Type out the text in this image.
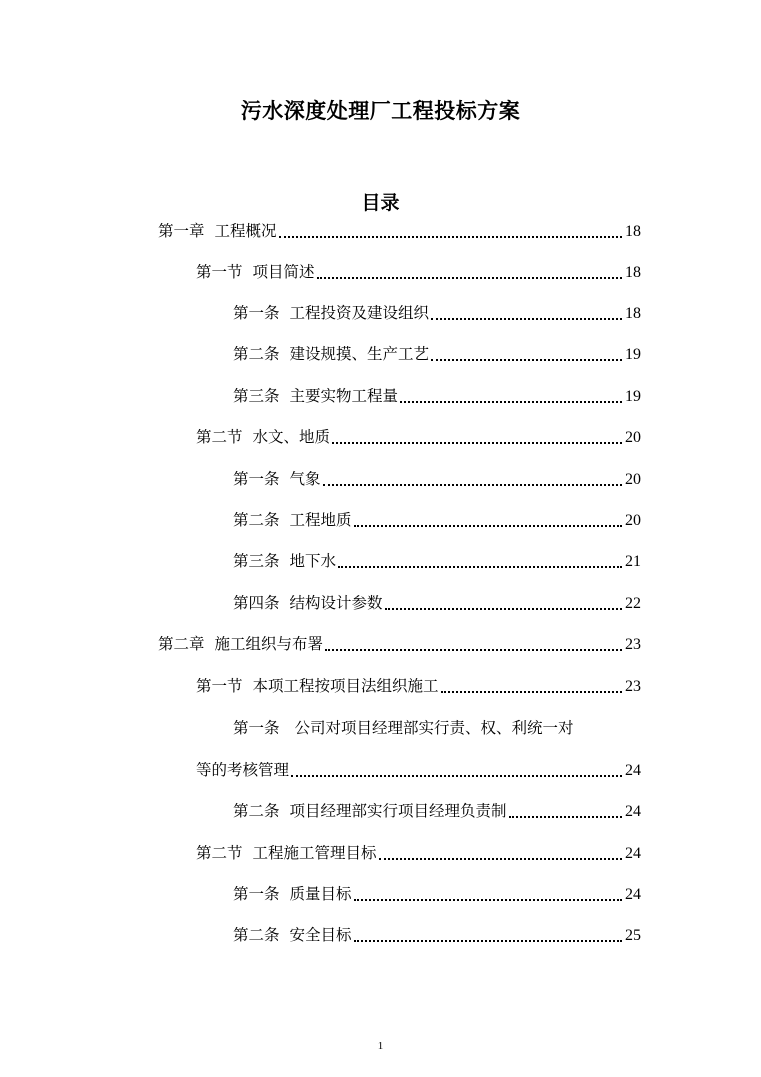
污水深度处理厂工程投标方案
目录
第一章 工程概况	18
第一节 项目简述	18
第一条 工程投资及建设组织	18
第二条 建设规摸、生产工艺	19
第三条 主要实物工程量	19
第二节 水文、地质	20
第一条 气象	20
第二条 工程地质	20
第三条 地下水	21
第四条 结构设计参数	22
第二章 施工组织与布署	23
第一节 本项工程按项目法组织施工	23
第一条 公司对项目经理部实行责、权、利统一对
等的考核管理	24
第二条 项目经理部实行项目经理负责制	24
第二节 工程施工管理目标	24
第一条 质量目标	24
第二条 安全目标	25
1
